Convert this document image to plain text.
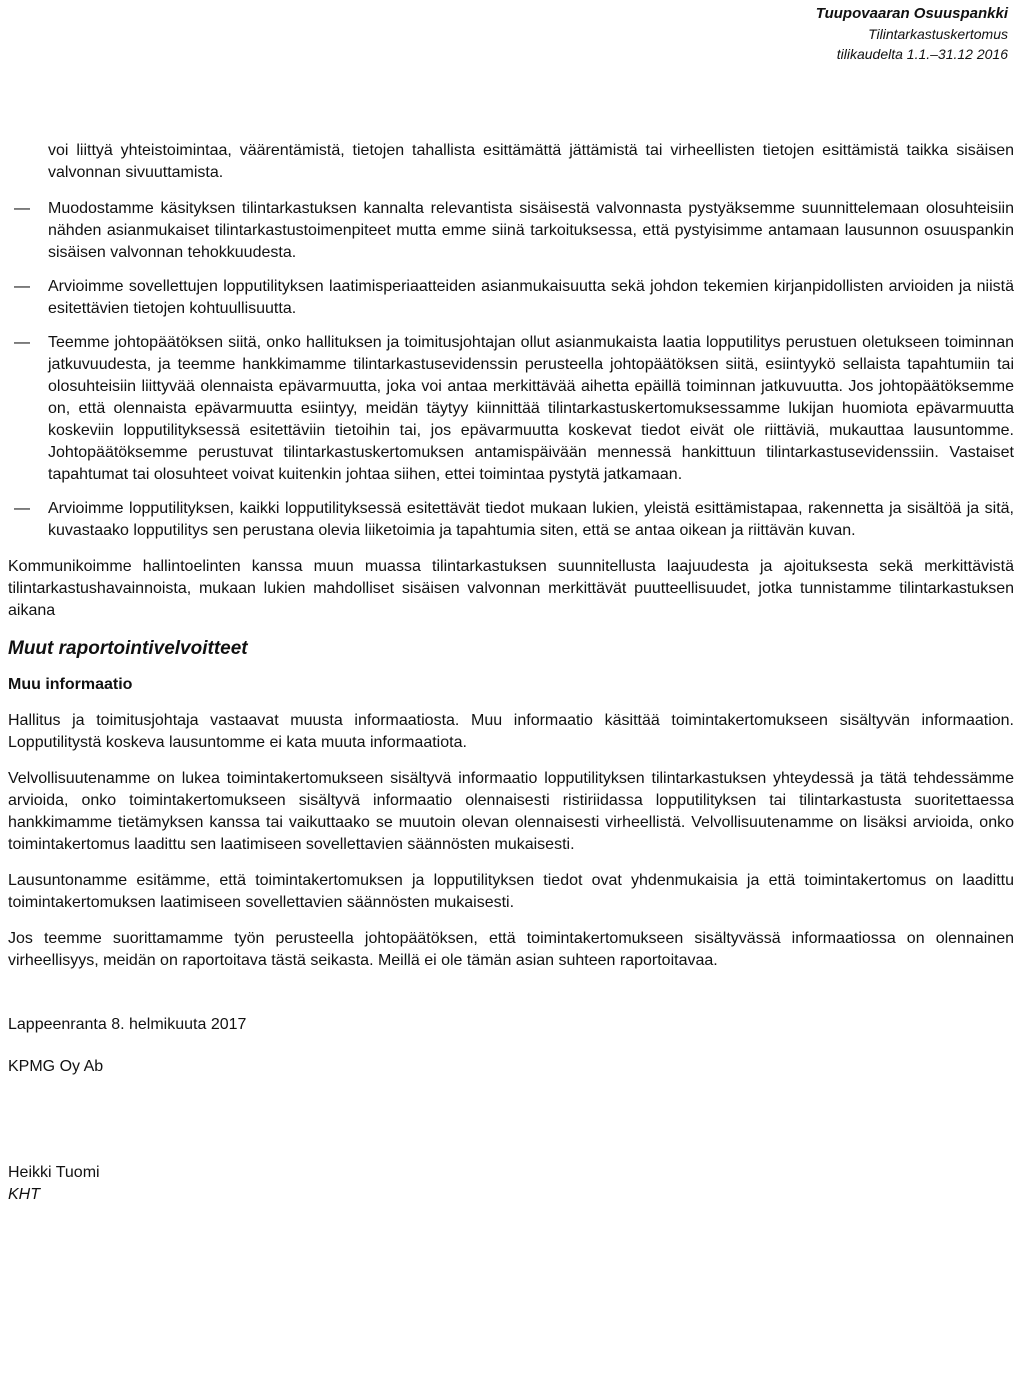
Tuupovaaran Osuuspankki
Tilintarkastuskertomus
tilikaudelta 1.1.–31.12 2016

voi liittyä yhteistoimintaa, väärentämistä, tietojen tahallista esittämättä jättämistä tai virheellisten tietojen esittämistä taikka sisäisen valvonnan sivuuttamista.

— Muodostamme käsityksen tilintarkastuksen kannalta relevantista sisäisestä valvonnasta pystyäksemme suunnittelemaan olosuhteisiin nähden asianmukaiset tilintarkastustoimenpiteet mutta emme siinä tarkoituksessa, että pystyisimme antamaan lausunnon osuuspankin sisäisen valvonnan tehokkuudesta.
— Arvioimme sovellettujen lopputilityksen laatimisperiaatteiden asianmukaisuutta sekä johdon tekemien kirjanpidollisten arvioiden ja niistä esitettävien tietojen kohtuullisuutta.
— Teemme johtopäätöksen siitä, onko hallituksen ja toimitusjohtajan ollut asianmukaista laatia lopputilitys perustuen oletukseen toiminnan jatkuvuudesta, ja teemme hankkimamme tilintarkastusevidenssin perusteella johtopäätöksen siitä, esiintyykö sellaista tapahtumiin tai olosuhteisiin liittyvää olennaista epävarmuutta, joka voi antaa merkittävää aihetta epäillä toiminnan jatkuvuutta. Jos johtopäätöksemme on, että olennaista epävarmuutta esiintyy, meidän täytyy kiinnittää tilintarkastuskertomuksessamme lukijan huomiota epävarmuutta koskeviin lopputilityksessä esitettäviin tietoihin tai, jos epävarmuutta koskevat tiedot eivät ole riittäviä, mukauttaa lausuntomme. Johtopäätöksemme perustuvat tilintarkastuskertomuksen antamispäivään mennessä hankittuun tilintarkastusevidenssiin. Vastaiset tapahtumat tai olosuhteet voivat kuitenkin johtaa siihen, ettei toimintaa pystytä jatkamaan.
— Arvioimme lopputilityksen, kaikki lopputilityksessä esitettävät tiedot mukaan lukien, yleistä esittämistapaa, rakennetta ja sisältöä ja sitä, kuvastaako lopputilitys sen perustana olevia liiketoimia ja tapahtumia siten, että se antaa oikean ja riittävän kuvan.

Kommunikoimme hallintoelinten kanssa muun muassa tilintarkastuksen suunnitellusta laajuudesta ja ajoituksesta sekä merkittävistä tilintarkastushavainnoista, mukaan lukien mahdolliset sisäisen valvonnan merkittävät puutteellisuudet, jotka tunnistamme tilintarkastuksen aikana

Muut raportointivelvoitteet
Muu informaatio

Hallitus ja toimitusjohtaja vastaavat muusta informaatiosta. Muu informaatio käsittää toimintakertomukseen sisältyvän informaation. Lopputilitystä koskeva lausuntomme ei kata muuta informaatiota.

Velvollisuutenamme on lukea toimintakertomukseen sisältyvä informaatio lopputilityksen tilintarkastuksen yhteydessä ja tätä tehdessämme arvioida, onko toimintakertomukseen sisältyvä informaatio olennaisesti ristiriidassa lopputilityksen tai tilintarkastusta suoritettaessa hankkimamme tietämyksen kanssa tai vaikuttaako se muutoin olevan olennaisesti virheellistä. Velvollisuutenamme on lisäksi arvioida, onko toimintakertomus laadittu sen laatimiseen sovellettavien säännösten mukaisesti.

Lausuntonamme esitämme, että toimintakertomuksen ja lopputilityksen tiedot ovat yhdenmukaisia ja että toimintakertomus on laadittu toimintakertomuksen laatimiseen sovellettavien säännösten mukaisesti.

Jos teemme suorittamamme työn perusteella johtopäätöksen, että toimintakertomukseen sisältyvässä informaatiossa on olennainen virheellisyys, meidän on raportoitava tästä seikasta. Meillä ei ole tämän asian suhteen raportoitavaa.

Lappeenranta 8. helmikuuta 2017
KPMG Oy Ab
Heikki Tuomi
KHT
